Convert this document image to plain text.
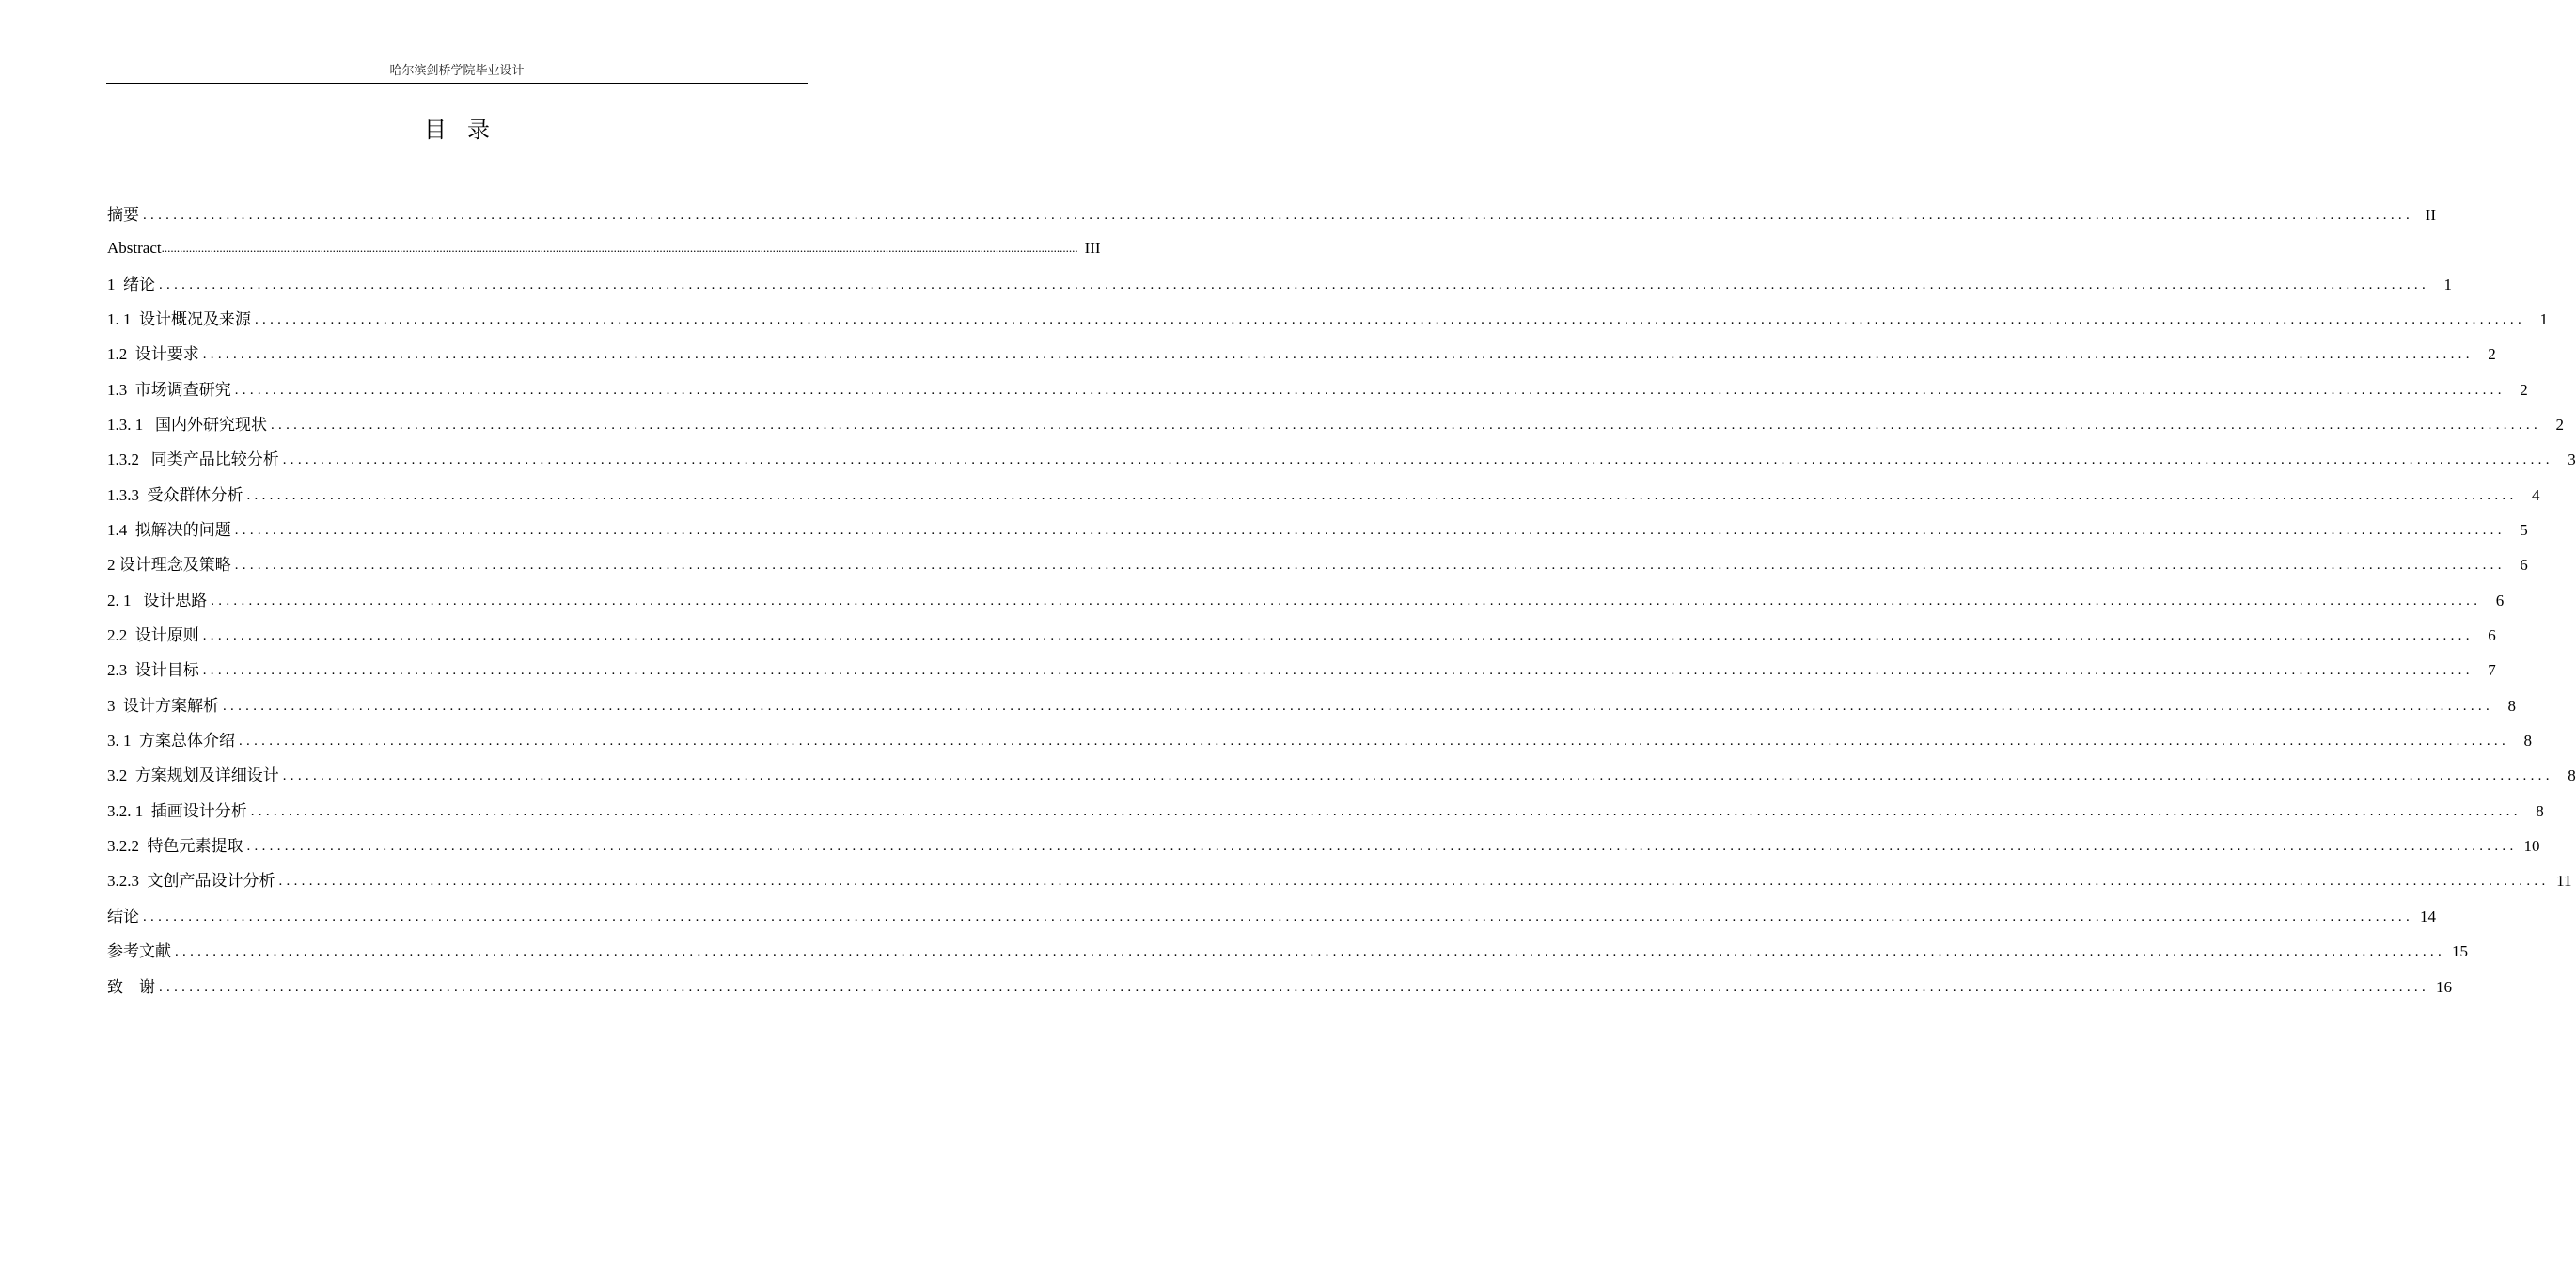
哈尔滨剑桥学院毕业设计
目录
摘要 ............................................................................................................................................................................................................................................................................................................ II
Abstract ............................................................................................................................................................................................................................................................................................................ III
1  绪论 ............................................................................................................................................................................................................................................................................................................ 1
1. 1  设计概况及来源 ............................................................................................................................................................................................................................................................................................................ 1
1.2  设计要求 ............................................................................................................................................................................................................................................................................................................ 2
1.3  市场调查研究 ............................................................................................................................................................................................................................................................................................................ 2
1.3. 1   国内外研究现状 ............................................................................................................................................................................................................................................................................................................ 2
1.3.2   同类产品比较分析 ............................................................................................................................................................................................................................................................................................................ 3
1.3.3  受众群体分析 ............................................................................................................................................................................................................................................................................................................ 4
1.4  拟解决的问题 ............................................................................................................................................................................................................................................................................................................ 5
2 设计理念及策略 ............................................................................................................................................................................................................................................................................................................ 6
2. 1   设计思路 ............................................................................................................................................................................................................................................................................................................ 6
2.2  设计原则 ............................................................................................................................................................................................................................................................................................................ 6
2.3  设计目标 ............................................................................................................................................................................................................................................................................................................ 7
3  设计方案解析 ............................................................................................................................................................................................................................................................................................................ 8
3. 1  方案总体介绍 ............................................................................................................................................................................................................................................................................................................ 8
3.2  方案规划及详细设计 ............................................................................................................................................................................................................................................................................................................ 8
3.2. 1  插画设计分析 ............................................................................................................................................................................................................................................................................................................ 8
3.2.2  特色元素提取 ............................................................................................................................................................................................................................................................................................................ 10
3.2.3  文创产品设计分析 ............................................................................................................................................................................................................................................................................................................ 11
结论 ............................................................................................................................................................................................................................................................................................................ 14
参考文献 ............................................................................................................................................................................................................................................................................................................ 15
致    谢 ............................................................................................................................................................................................................................................................................................................ 16
